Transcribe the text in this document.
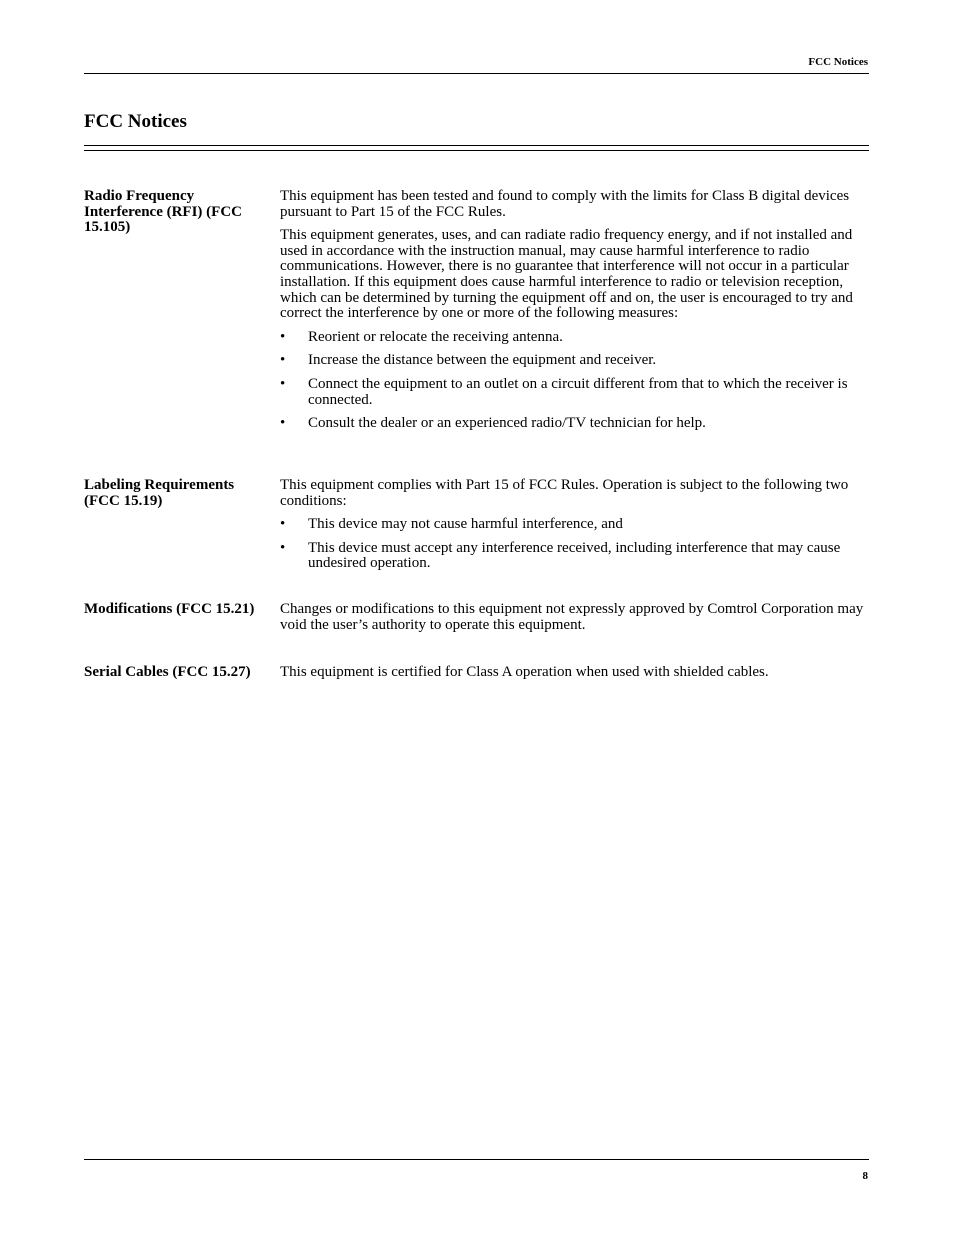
FCC Notices
FCC Notices
Radio Frequency Interference (RFI) (FCC 15.105)

This equipment has been tested and found to comply with the limits for Class B digital devices pursuant to Part 15 of the FCC Rules.

This equipment generates, uses, and can radiate radio frequency energy, and if not installed and used in accordance with the instruction manual, may cause harmful interference to radio communications. However, there is no guarantee that interference will not occur in a particular installation. If this equipment does cause harmful interference to radio or television reception, which can be determined by turning the equipment off and on, the user is encouraged to try and correct the interference by one or more of the following measures:

• Reorient or relocate the receiving antenna.
• Increase the distance between the equipment and receiver.
• Connect the equipment to an outlet on a circuit different from that to which the receiver is connected.
• Consult the dealer or an experienced radio/TV technician for help.
Labeling Requirements (FCC 15.19)

This equipment complies with Part 15 of FCC Rules. Operation is subject to the following two conditions:

• This device may not cause harmful interference, and
• This device must accept any interference received, including interference that may cause undesired operation.
Modifications (FCC 15.21) Changes or modifications to this equipment not expressly approved by Comtrol Corporation may void the user’s authority to operate this equipment.

Serial Cables (FCC 15.27)	This equipment is certified for Class A operation when used with shielded cables.

8
